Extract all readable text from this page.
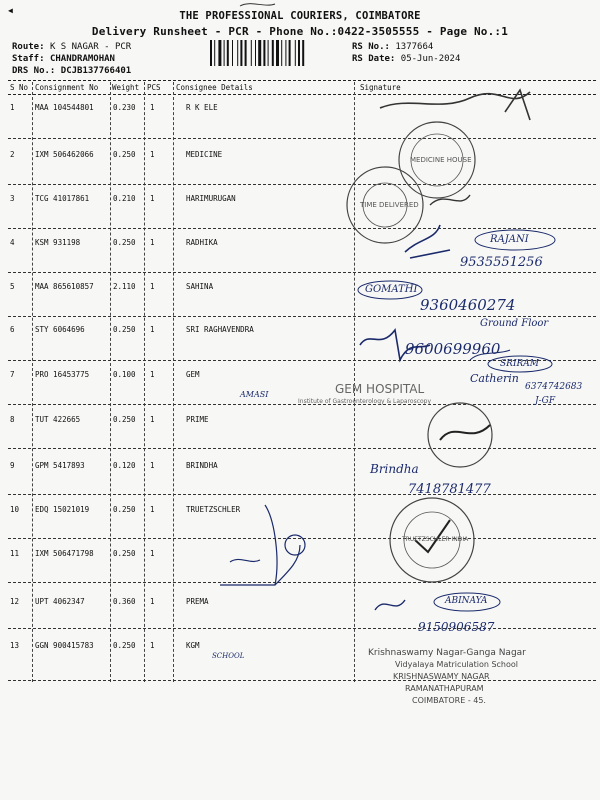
◀	THE PROFESSIONAL COURIERS, COIMBATORE
Delivery Runsheet - PCR - Phone No.:0422-3505555 - Page No.:1
Route: K S NAGAR - PCR
Staff: CHANDRAMOHAN
DRS No.: DCJB137766401
RS No.: 1377664
RS Date: 05-Jun-2024
S No Consignment No Weight PCS Consignee Details	Signature
1	MAA 104544801	0.230 1	R K ELE
2	IXM 506462066	0.250 1	MEDICINE
3	TCG 41017861	0.210 1	HARIMURUGAN
4	KSM 931198	0.250 1	RADHIKA
5	MAA 865610857	2.110 1	SAHINA
6	STY 6064696	0.250 1	SRI RAGHAVENDRA
7	PRO 16453775	0.100 1	GEM
8	TUT 422665	0.250 1	PRIME
9	GPM 5417893	0.120 1	BRINDHA
10 EDQ 15021019	0.250 1	TRUETZSCHLER
11 IXM 506471798	0.250 1
12 UPT 4062347	0.360 1	PREMA
13 GGN 900415783	0.250 1	KGM
MEDICINE HOUSE
TIME DELIVERED
RAJANI
9535551256
GOMATHI
9360460274
Ground Floor
9600699960
SRIRAM
Catherin
6374742683
J-GF
AMASI	GEM HOSPITAL
Institute of Gastroenterology & Laparoscopy
Brindha
7418781477
TRUETZSCHLER INDIA
ABINAYA
9150906587
SCHOOL	Krishnaswamy Nagar-Ganga Nagar
Vidyalaya Matriculation School
KRISHNASWAMY NAGAR
RAMANATHAPURAM
COIMBATORE - 45.
